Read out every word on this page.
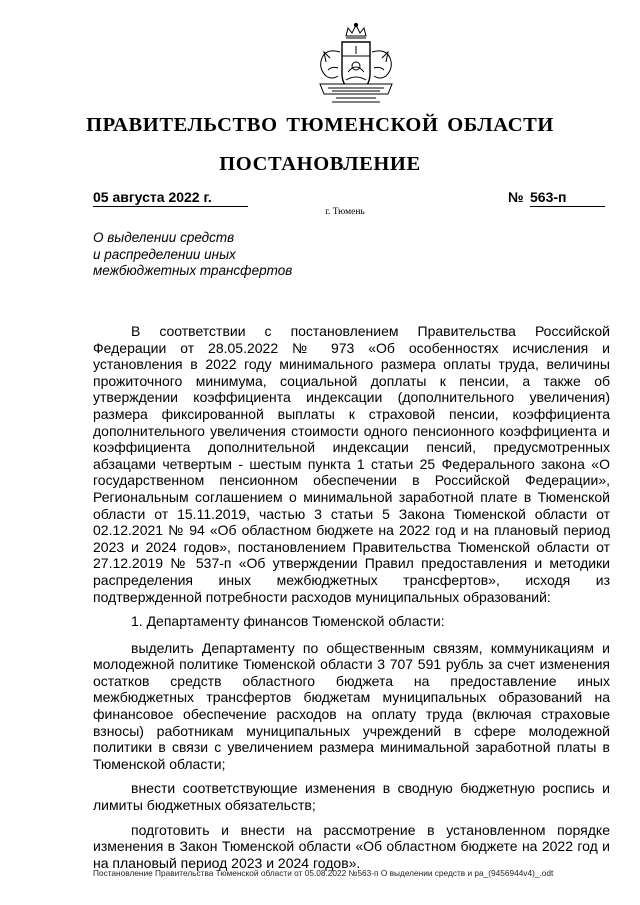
ПРАВИТЕЛЬСТВО ТЮМЕНСКОЙ ОБЛАСТИ
ПОСТАНОВЛЕНИЕ
05 августа 2022 г.	№ 563-п
г. Тюмень
О выделении средств
и распределении иных
межбюджетных трансфертов

В соответствии с постановлением Правительства Российской Федерации от 28.05.2022 № 973 «Об особенностях исчисления и установления в 2022 году минимального размера оплаты труда, величины прожиточного минимума, социальной доплаты к пенсии, а также об утверждении коэффициента индексации (дополнительного увеличения) размера фиксированной выплаты к страховой пенсии, коэффициента дополнительного увеличения стоимости одного пенсионного коэффициента и коэффициента дополнительной индексации пенсий, предусмотренных абзацами четвертым - шестым пункта 1 статьи 25 Федерального закона «О государственном пенсионном обеспечении в Российской Федерации», Региональным соглашением о минимальной заработной плате в Тюменской области от 15.11.2019, частью 3 статьи 5 Закона Тюменской области от 02.12.2021 № 94 «Об областном бюджете на 2022 год и на плановый период 2023 и 2024 годов», постановлением Правительства Тюменской области от 27.12.2019 № 537-п «Об утверждении Правил предоставления и методики распределения иных межбюджетных трансфертов», исходя из подтвержденной потребности расходов муниципальных образований:

1. Департаменту финансов Тюменской области:

выделить Департаменту по общественным связям, коммуникациям и молодежной политике Тюменской области 3 707 591 рубль за счет изменения остатков средств областного бюджета на предоставление иных межбюджетных трансфертов бюджетам муниципальных образований на финансовое обеспечение расходов на оплату труда (включая страховые взносы) работникам муниципальных учреждений в сфере молодежной политики в связи с увеличением размера минимальной заработной платы в Тюменской области;

внести соответствующие изменения в сводную бюджетную роспись и лимиты бюджетных обязательств;

подготовить и внести на рассмотрение в установленном порядке изменения в Закон Тюменской области «Об областном бюджете на 2022 год и на плановый период 2023 и 2024 годов».

Постановление Правительства Тюменской области от 05.08.2022 №563-п О выделении средств и ра_(9456944v4)_.odt
